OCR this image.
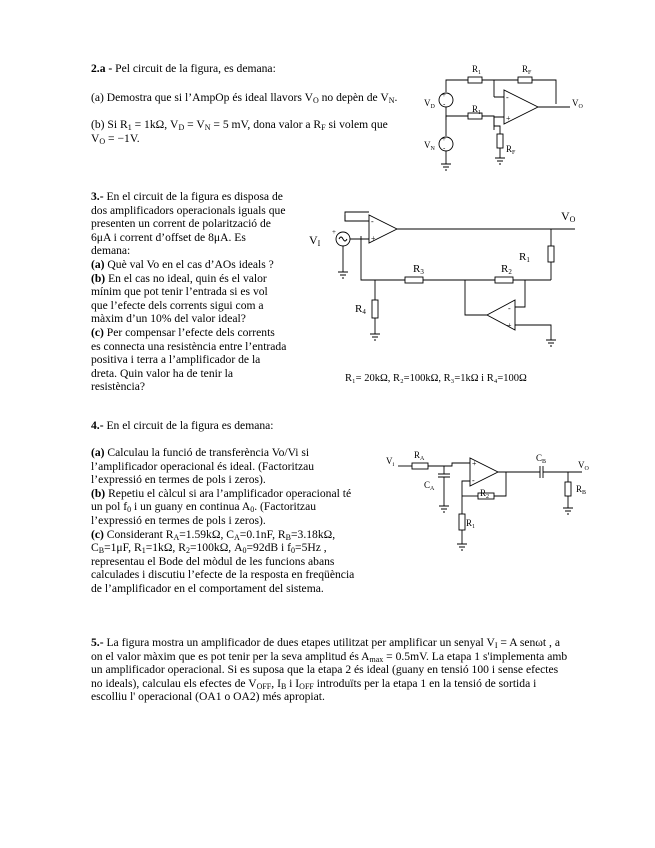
2.a - Pel circuit de la figura, es demana:
(a) Demostra que si l’AmpOp és ideal llavors $V_O$ no depèn de $V_N$.

(b) Si $R_1 = 1k\Omega$, $V_D = V_N = 5$ mV, dona valor a $R_F$ si volem que

$V_O = -1V$.

$R_1$	$R_F$
$R_1$
$R_F$
$V_D$
$V_N$
$V_O$
-
+
+
-
+
-

3.- En el circuit de la figura es disposa de

dos amplificadors operacionals iguals que

presenten un corrent de polarització de

6μA i corrent d’offset de 8μA. Es

demana:

(a) Què val Vo en el cas d’AOs ideals ?

(b) En el cas no ideal, quin és el valor

mínim que pot tenir l’entrada si es vol

que l’efecte dels corrents sigui com a

màxim d’un 10% del valor ideal?

(c) Per compensar l’efecte dels corrents

es connecta una resistència entre l’entrada

positiva i terra a l’amplificador de la

dreta. Quin valor ha de tenir la

resistència?

VO
VI
R1
R3	R2
R4
-
+
+
-
+
R₁= 20kΩ, R₂=100kΩ, R₃=1kΩ i R₄=100Ω
4.- En el circuit de la figura es demana:

(a) Calculau la funció de transferència Vo/Vi si

l’amplificador operacional és ideal. (Factoritzau

l’expressió en termes de pols i zeros).

(b) Repetiu el càlcul si ara l’amplificador operacional té

un pol $f_0$ i un guany en continua $A_0$. (Factoritzau

l’expressió en termes de pols i zeros).

(c) Considerant $R_A=1.59k\Omega$, $C_A=0.1nF$, $R_B=3.18k\Omega$,

$C_B=1\mu F$, $R_1=1k\Omega$, $R_2=100k\Omega$, $A_0=92dB$ i $f_0=5Hz$ ,

representau el Bode del mòdul de les funcions abans

calculades i discutiu l’efecte de la resposta en freqüència

de l’amplificador en el comportament del sistema.

$V_i$
$R_A$
$C_A$
$C_B$	$V_O$
$R_2$
$R_1$
$R_B$
+
-

5.- La figura mostra un amplificador de dues etapes utilitzat per amplificar un senyal $V_I = A$ senωt , a

on el valor màxim que es pot tenir per la seva amplitud és $A_{max} = 0.5mV$. La etapa 1 s'implementa amb

un amplificador operacional. Si es suposa que la etapa 2 és ideal (guany en tensió 100 i sense efectes

no ideals), calculau els efectes de $V_{OFF}$, $I_B$ i $I_{OFF}$ introduïts per la etapa 1 en la tensió de sortida i

escolliu l' operacional (OA1 o OA2) més apropiat.
